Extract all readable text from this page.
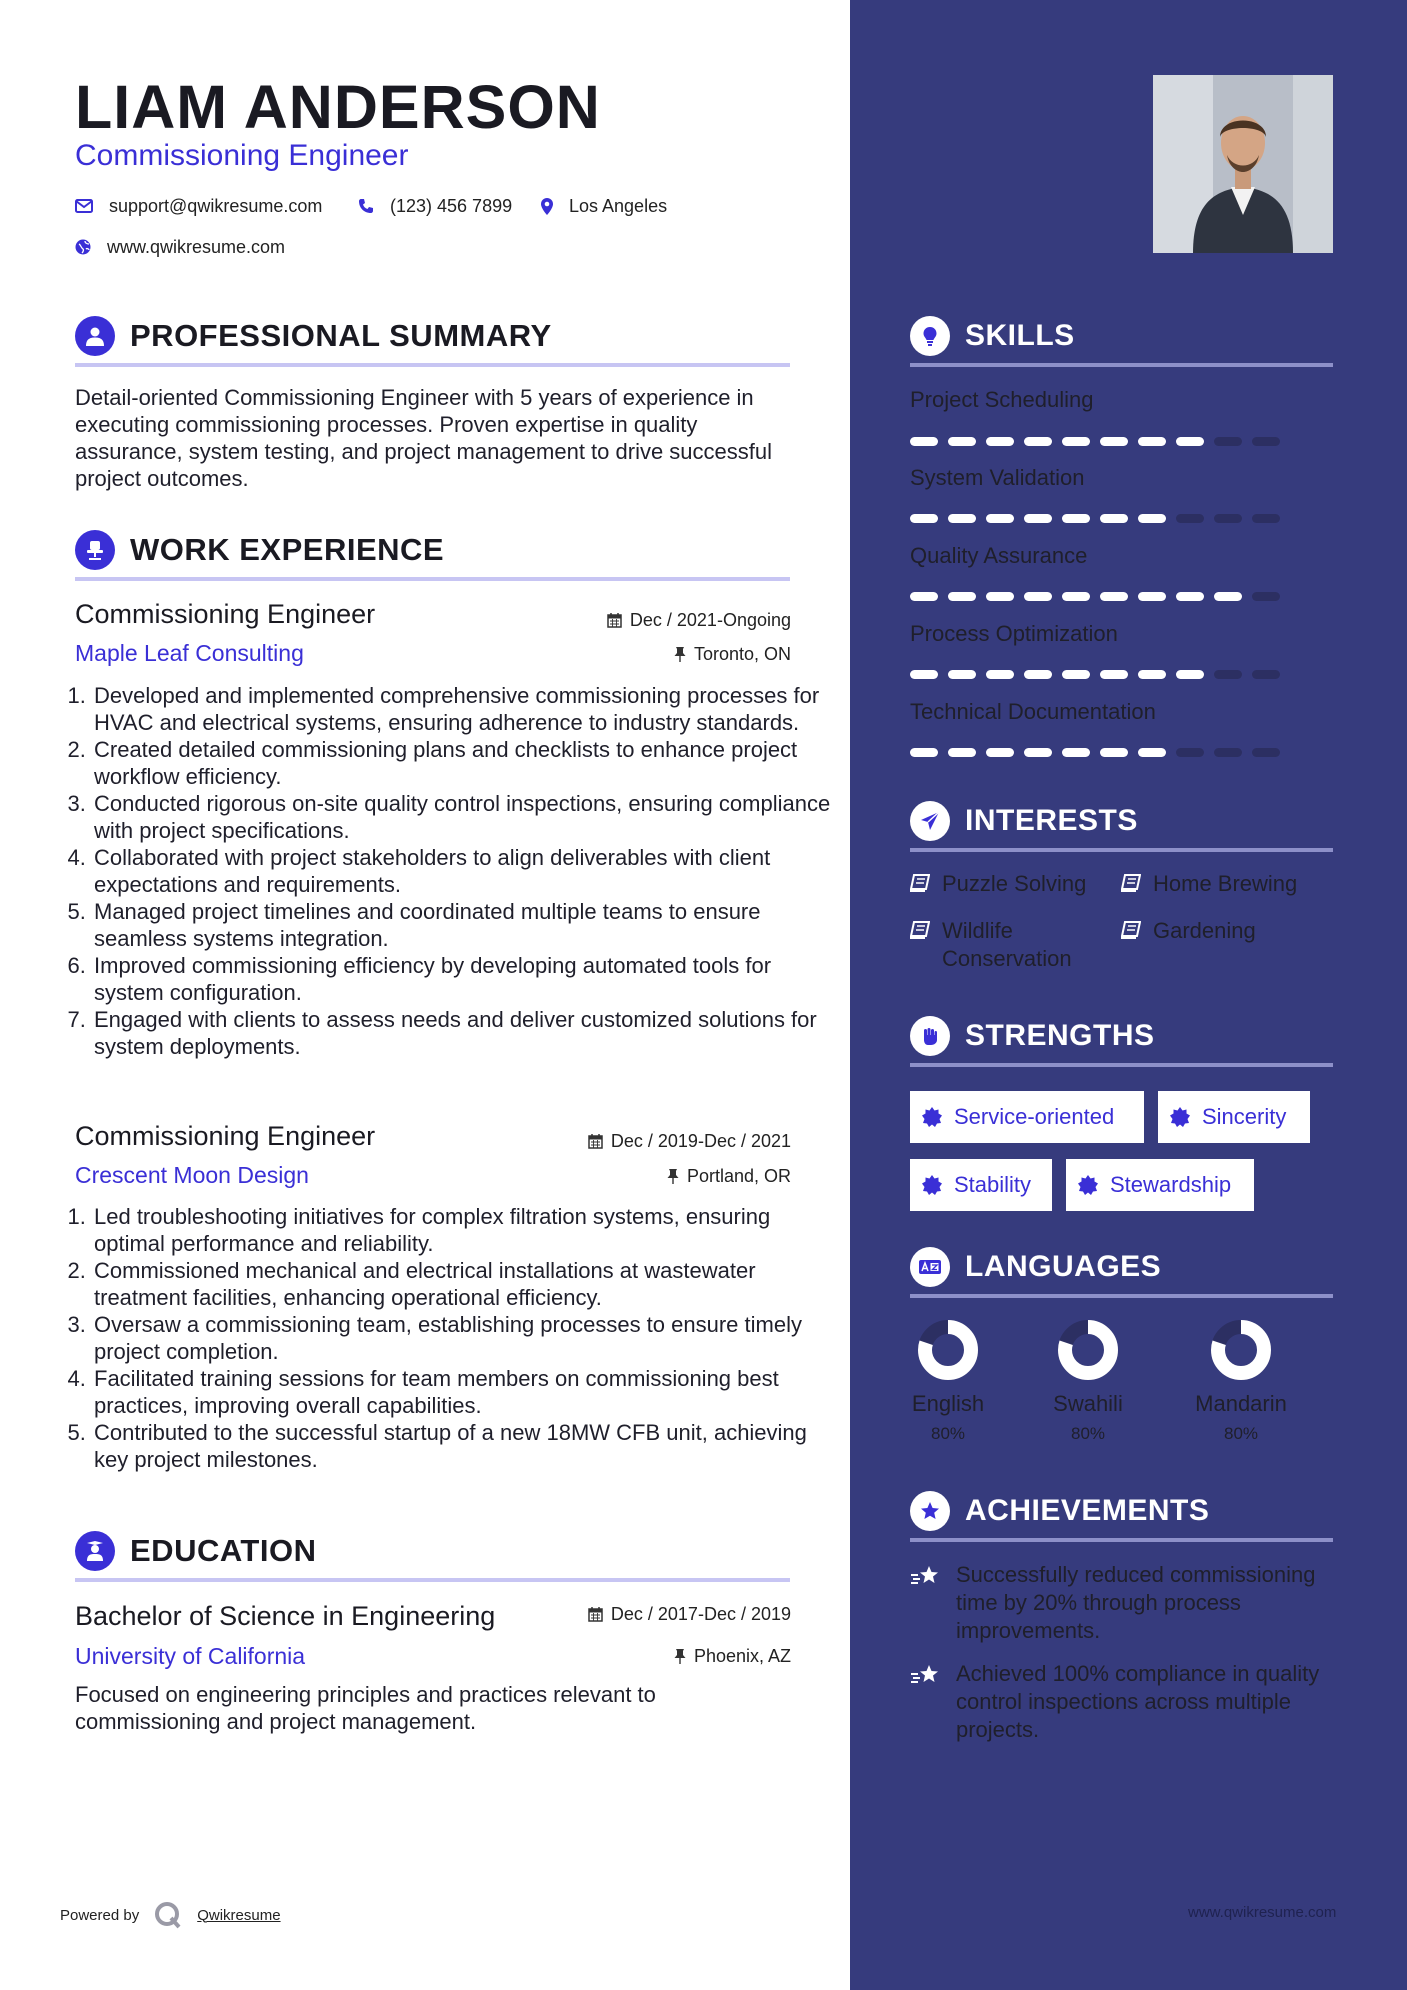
LIAM ANDERSON
Commissioning Engineer
support@qwikresume.com	(123) 456 7899	Los Angeles
www.qwikresume.com
PROFESSIONAL SUMMARY
Detail-oriented Commissioning Engineer with 5 years of experience in executing commissioning processes. Proven expertise in quality assurance, system testing, and project management to drive successful project outcomes.
WORK EXPERIENCE
Commissioning Engineer	Dec / 2021-Ongoing
Maple Leaf Consulting	Toronto, ON
1. Developed and implemented comprehensive commissioning processes for HVAC and electrical systems, ensuring adherence to industry standards.
2. Created detailed commissioning plans and checklists to enhance project workflow efficiency.
3. Conducted rigorous on-site quality control inspections, ensuring compliance with project specifications.
4. Collaborated with project stakeholders to align deliverables with client expectations and requirements.
5. Managed project timelines and coordinated multiple teams to ensure seamless systems integration.
6. Improved commissioning efficiency by developing automated tools for system configuration.
7. Engaged with clients to assess needs and deliver customized solutions for system deployments.
Commissioning Engineer	Dec / 2019-Dec / 2021
Crescent Moon Design	Portland, OR
1. Led troubleshooting initiatives for complex filtration systems, ensuring optimal performance and reliability.
2. Commissioned mechanical and electrical installations at wastewater treatment facilities, enhancing operational efficiency.
3. Oversaw a commissioning team, establishing processes to ensure timely project completion.
4. Facilitated training sessions for team members on commissioning best practices, improving overall capabilities.
5. Contributed to the successful startup of a new 18MW CFB unit, achieving key project milestones.
EDUCATION
Bachelor of Science in Engineering	Dec / 2017-Dec / 2019
University of California	Phoenix, AZ
Focused on engineering principles and practices relevant to commissioning and project management.
Powered by	Qwikresume
SKILLS
Project Scheduling
System Validation
Quality Assurance
Process Optimization
Technical Documentation
INTERESTS
Puzzle Solving	Home Brewing
Wildlife Conservation
Gardening
STRENGTHS
Service-oriented	Sincerity
Stability	Stewardship
LANGUAGES
English
80%
Swahili
80%
Mandarin
80%
ACHIEVEMENTS
Successfully reduced commissioning time by 20% through process improvements.
Achieved 100% compliance in quality control inspections across multiple projects.
www.qwikresume.com
